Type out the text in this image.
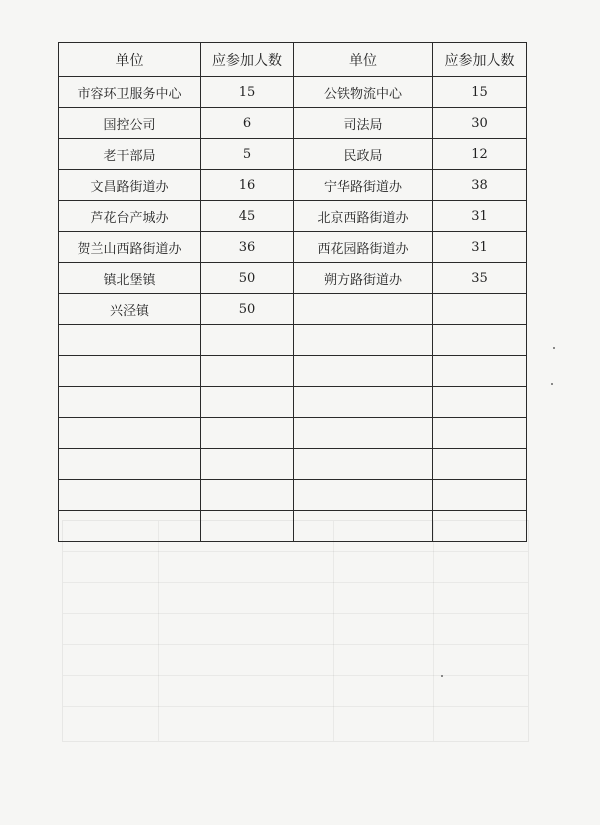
单位	应参加人数	单位	应参加人数
市容环卫服务中心	15	公铁物流中心	15
国控公司	6	司法局	30
老干部局	5	民政局	12
文昌路街道办	16	宁华路街道办	38
芦花台产城办	45	北京西路街道办	31
贺兰山西路街道办	36	西花园路街道办	31
镇北堡镇	50	朔方路街道办	35
兴泾镇	50		
